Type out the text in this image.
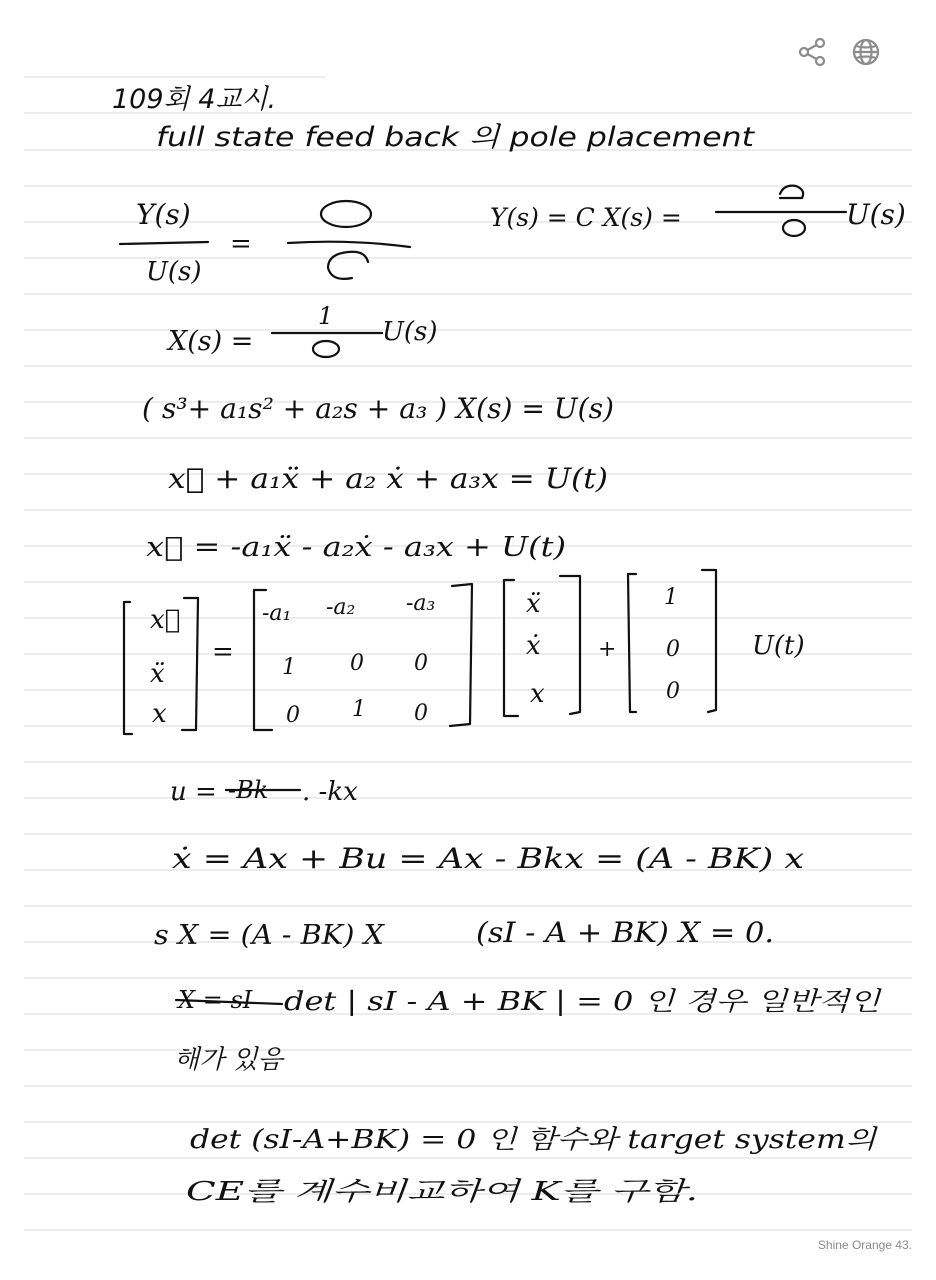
109회 4교시.
full state feed back 의 pole placement
Y(s)
U(s)
=
Y(s) = C X(s) =	U(s)
X(s) =
1
U(s)
( s³+ a₁s² + a₂s + a₃ ) X(s) = U(s)
x⃛ + a₁ẍ + a₂ ẋ + a₃x = U(t)
x⃛ = -a₁ẍ - a₂ẋ - a₃x + U(t)
x⃛
ẍ
x
=
-a₁ -a₂ -a₃
1 0 0
0 1 0
ẍ
ẋ
x
+
1
0
0
U(t)
u = -Bk . -kx
ẋ = Ax + Bu = Ax - Bkx = (A - BK) x
s X = (A - BK) X	(sI - A + BK) X = 0.
X = sI det | sI - A + BK | = 0 인 경우 일반적인
해가 있음
det (sI-A+BK) = 0 인 함수와 target system의
CE를 계수비교하여 K를 구함.
Shine Orange 43.
